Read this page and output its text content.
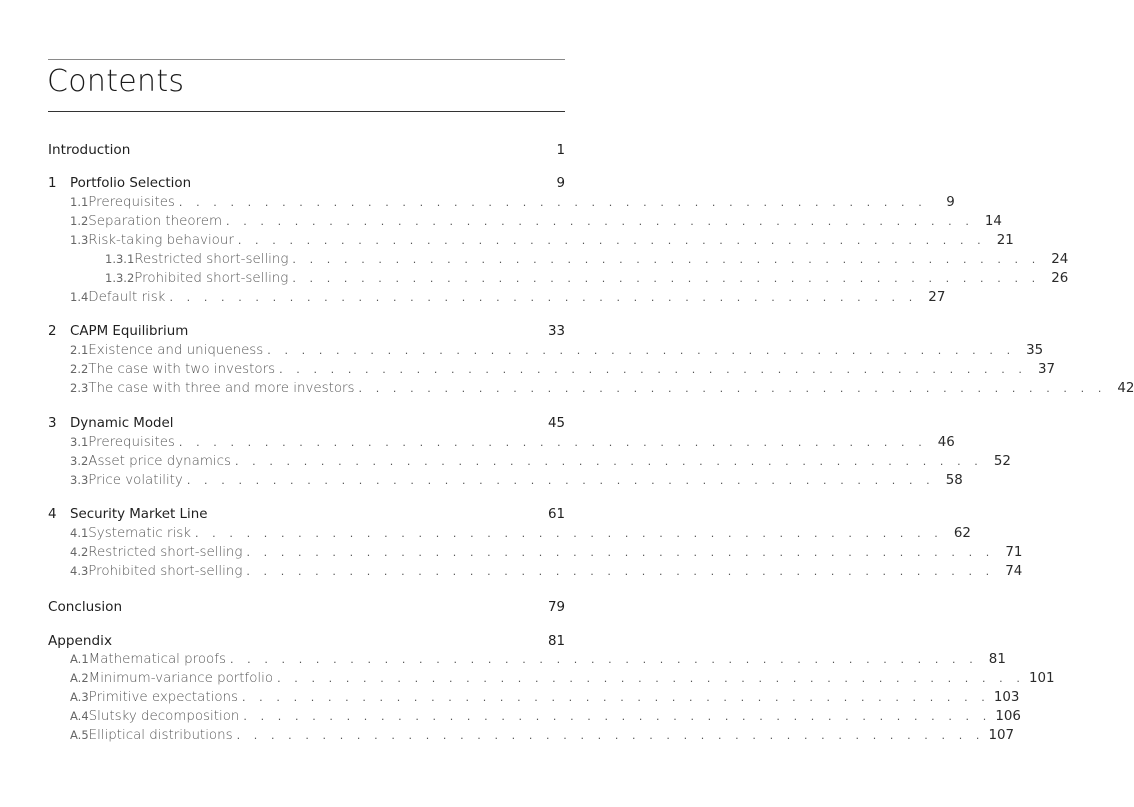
Contents
Introduction	1
1	Portfolio Selection	9
1.1 Prerequisites . . . . . . . . . . . . . . . . . . . . . . . . . . . . . . . . . . . . . . . . . . . .	9
1.2 Separation theorem . . . . . . . . . . . . . . . . . . . . . . . . . . . . . . . . . . . . . . . . . . . . 14
1.3 Risk-taking behaviour . . . . . . . . . . . . . . . . . . . . . . . . . . . . . . . . . . . . . . . . . . . . 21
1.3.1 Restricted short-selling . . . . . . . . . . . . . . . . . . . . . . . . . . . . . . . . . . . . . . . . . . . . 24
1.3.2 Prohibited short-selling . . . . . . . . . . . . . . . . . . . . . . . . . . . . . . . . . . . . . . . . . . . . 26
1.4 Default risk . . . . . . . . . . . . . . . . . . . . . . . . . . . . . . . . . . . . . . . . . . . . 27
2	CAPM Equilibrium	33
2.1 Existence and uniqueness . . . . . . . . . . . . . . . . . . . . . . . . . . . . . . . . . . . . . . . . . . . . 35
2.2 The case with two investors . . . . . . . . . . . . . . . . . . . . . . . . . . . . . . . . . . . . . . . . . . . . 37
2.3 The case with three and more investors . . . . . . . . . . . . . . . . . . . . . . . . . . . . . . . . . . . . . . . . . . . . 42
3	Dynamic Model	45
3.1 Prerequisites . . . . . . . . . . . . . . . . . . . . . . . . . . . . . . . . . . . . . . . . . . . . 46
3.2 Asset price dynamics . . . . . . . . . . . . . . . . . . . . . . . . . . . . . . . . . . . . . . . . . . . . 52
3.3 Price volatility . . . . . . . . . . . . . . . . . . . . . . . . . . . . . . . . . . . . . . . . . . . . 58
4	Security Market Line	61
4.1 Systematic risk . . . . . . . . . . . . . . . . . . . . . . . . . . . . . . . . . . . . . . . . . . . . 62
4.2 Restricted short-selling . . . . . . . . . . . . . . . . . . . . . . . . . . . . . . . . . . . . . . . . . . . . 71
4.3 Prohibited short-selling . . . . . . . . . . . . . . . . . . . . . . . . . . . . . . . . . . . . . . . . . . . . 74
Conclusion	79
Appendix	81
A.1 Mathematical proofs . . . . . . . . . . . . . . . . . . . . . . . . . . . . . . . . . . . . . . . . . . . . 81
A.2 Minimum-variance portfolio . . . . . . . . . . . . . . . . . . . . . . . . . . . . . . . . . . . . . . . . . . . . 101
A.3 Primitive expectations . . . . . . . . . . . . . . . . . . . . . . . . . . . . . . . . . . . . . . . . . . . . 103
A.4 Slutsky decomposition . . . . . . . . . . . . . . . . . . . . . . . . . . . . . . . . . . . . . . . . . . . . 106
A.5 Elliptical distributions . . . . . . . . . . . . . . . . . . . . . . . . . . . . . . . . . . . . . . . . . . . . 107
